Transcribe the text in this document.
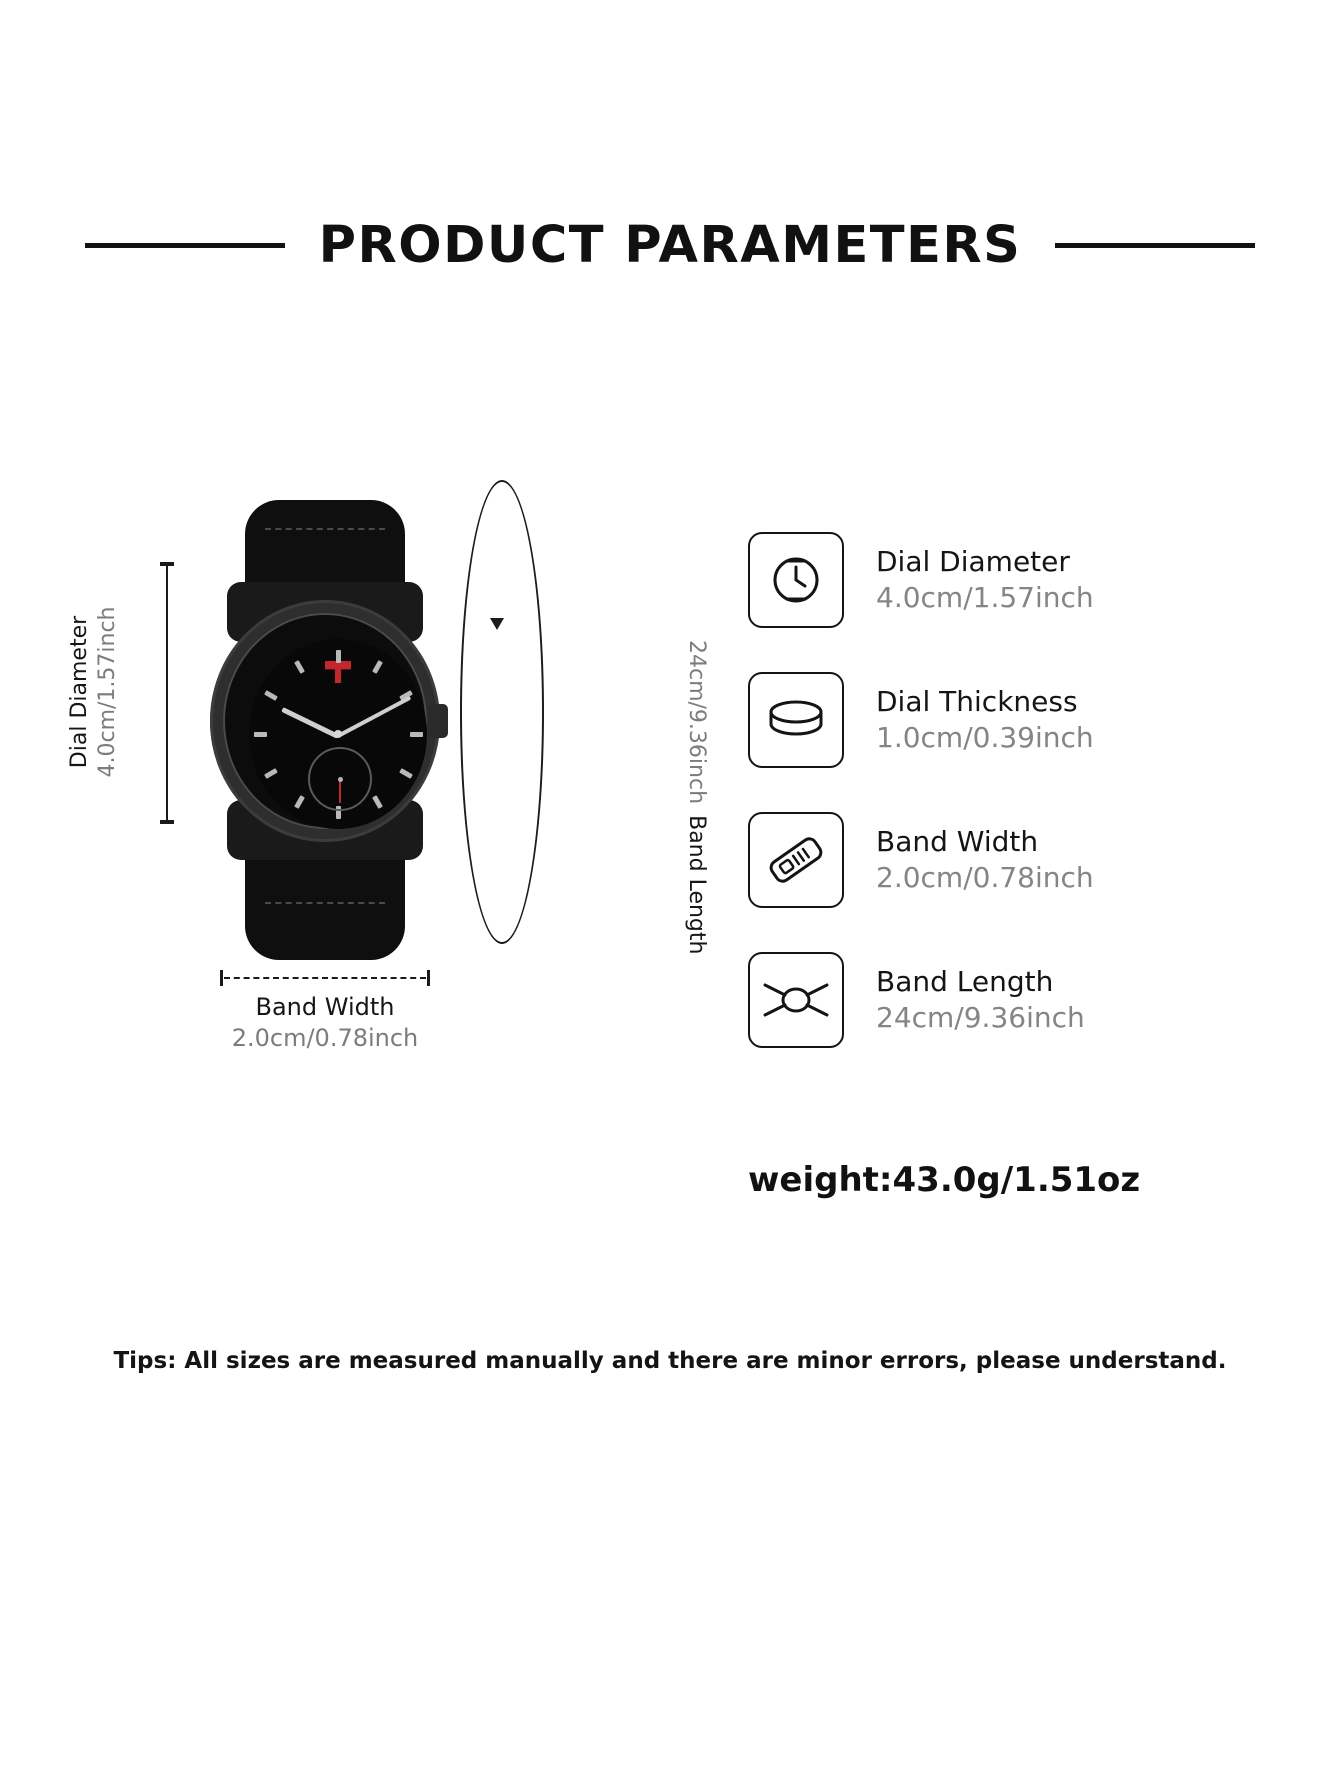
PRODUCT PARAMETERS
Dial Diameter 4.0cm/1.57inch	24cm/9.36inch Band Length
Band Width
2.0cm/0.78inch
Dial Diameter
4.0cm/1.57inch
Dial Thickness
1.0cm/0.39inch
Band Width
2.0cm/0.78inch
Band Length
24cm/9.36inch
weight:43.0g/1.51oz
Tips: All sizes are measured manually and there are minor errors, please understand.
